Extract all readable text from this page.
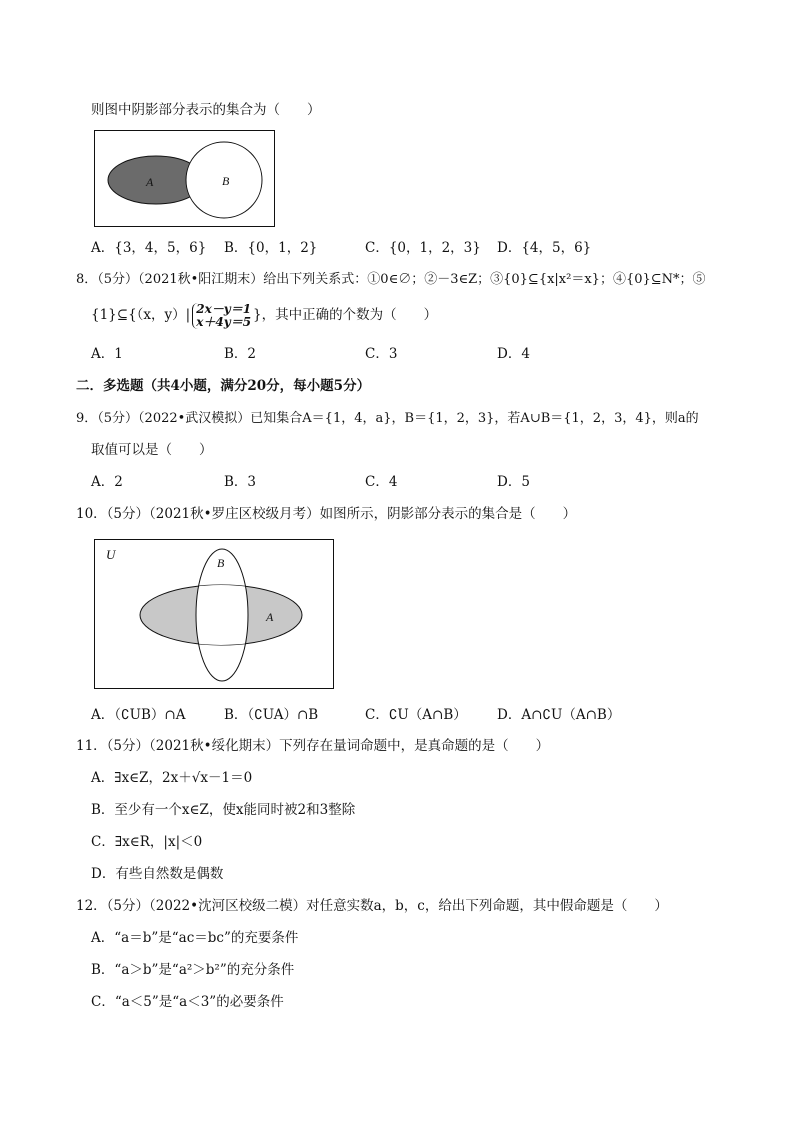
则图中阴影部分表示的集合为（　　）
A	B
A．{3，4，5，6} B．{0，1，2}	C．{0，1，2，3} D．{4，5，6}
8．（5分）（2021秋•阳江期末）给出下列关系式：①0∈∅；②－3∈Z；③{0}⊆{x|x²＝x}；④{0}⊆N*；⑤
{1}⊆{（x，y）| 2x－y＝1
x＋4y＝5 }，其中正确的个数为（　　）
A．1	B．2	C．3	D．4
二．多选题（共4小题，满分20分，每小题5分）
9．（5分）（2022•武汉模拟）已知集合A＝{1，4，a}，B＝{1，2，3}，若A∪B＝{1，2，3，4}，则a的
取值可以是（　　）
A．2	B．3	C．4	D．5
10．（5分）（2021秋•罗庄区校级月考）如图所示，阴影部分表示的集合是（　　）
U
B
A
A．（∁UB）∩A	B．（∁UA）∩B	C．∁U（A∩B） D．A∩∁U（A∩B）
11．（5分）（2021秋•绥化期末）下列存在量词命题中，是真命题的是（　　）
A．∃x∈Z，2x＋√x－1＝0
B．至少有一个x∈Z，使x能同时被2和3整除
C．∃x∈R，|x|＜0
D．有些自然数是偶数
12．（5分）（2022•沈河区校级二模）对任意实数a，b，c，给出下列命题，其中假命题是（　　）
A．“a＝b”是“ac＝bc”的充要条件
B．“a＞b”是“a²＞b²”的充分条件
C．“a＜5”是“a＜3”的必要条件
